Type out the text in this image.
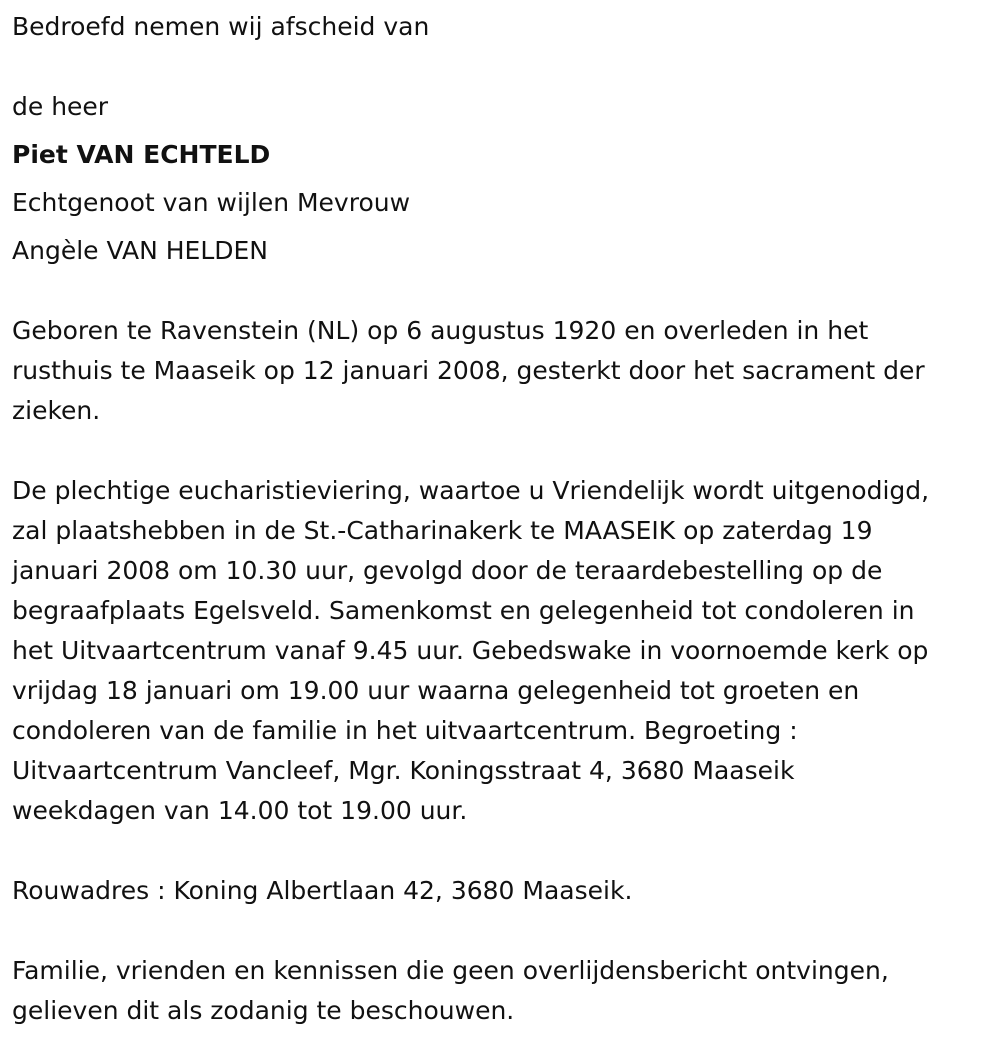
Bedroefd nemen wij afscheid van

de heer

Piet VAN ECHTELD

Echtgenoot van wijlen Mevrouw

Angèle VAN HELDEN

Geboren te Ravenstein (NL) op 6 augustus 1920 en overleden in het

rusthuis te Maaseik op 12 januari 2008, gesterkt door het sacrament der

zieken.

De plechtige eucharistieviering, waartoe u Vriendelijk wordt uitgenodigd,

zal plaatshebben in de St.-Catharinakerk te MAASEIK op zaterdag 19

januari 2008 om 10.30 uur, gevolgd door de teraardebestelling op de

begraafplaats Egelsveld. Samenkomst en gelegenheid tot condoleren in

het Uitvaartcentrum vanaf 9.45 uur. Gebedswake in voornoemde kerk op

vrijdag 18 januari om 19.00 uur waarna gelegenheid tot groeten en

condoleren van de familie in het uitvaartcentrum. Begroeting :

Uitvaartcentrum Vancleef, Mgr. Koningsstraat 4, 3680 Maaseik

weekdagen van 14.00 tot 19.00 uur.

Rouwadres : Koning Albertlaan 42, 3680 Maaseik.

Familie, vrienden en kennissen die geen overlijdensbericht ontvingen,

gelieven dit als zodanig te beschouwen.
